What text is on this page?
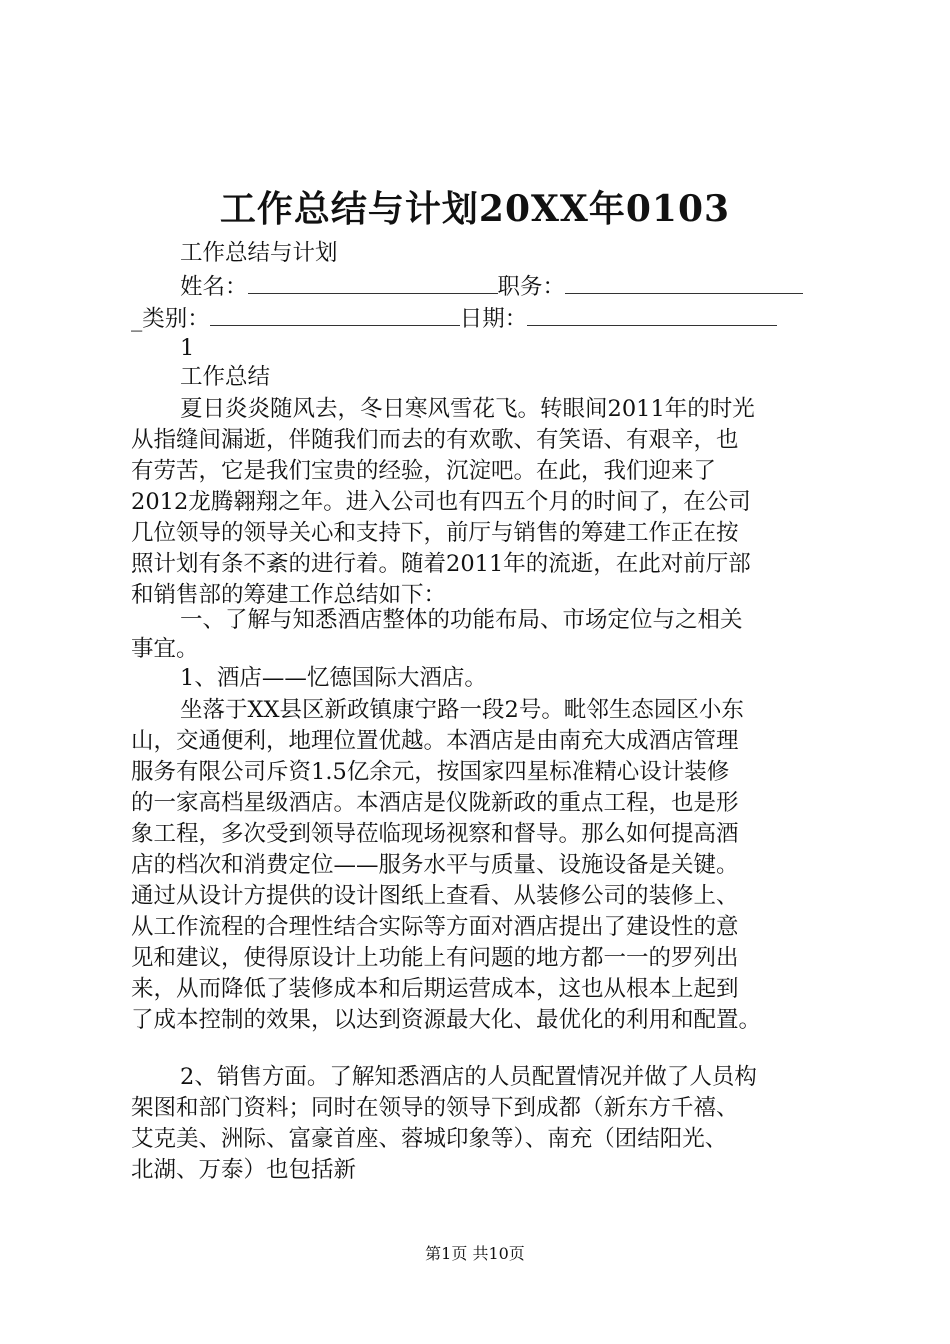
工作总结与计划20XX年0103
工作总结与计划
姓名：	职务：
_类别：	日期：
1
工作总结
夏日炎炎随风去，冬日寒风雪花飞。转眼间2011年的时光
从指缝间漏逝，伴随我们而去的有欢歌、有笑语、有艰辛，也
有劳苦，它是我们宝贵的经验，沉淀吧。在此，我们迎来了
2012龙腾翱翔之年。进入公司也有四五个月的时间了，在公司
几位领导的领导关心和支持下，前厅与销售的筹建工作正在按
照计划有条不紊的进行着。随着2011年的流逝，在此对前厅部
和销售部的筹建工作总结如下：
一、了解与知悉酒店整体的功能布局、市场定位与之相关
事宜。
1、酒店——忆德国际大酒店。
坐落于XX县区新政镇康宁路一段2号。毗邻生态园区小东
山，交通便利，地理位置优越。本酒店是由南充大成酒店管理
服务有限公司斥资1.5亿余元，按国家四星标准精心设计装修
的一家高档星级酒店。本酒店是仪陇新政的重点工程，也是形
象工程，多次受到领导莅临现场视察和督导。那么如何提高酒
店的档次和消费定位——服务水平与质量、设施设备是关键。
通过从设计方提供的设计图纸上查看、从装修公司的装修上、
从工作流程的合理性结合实际等方面对酒店提出了建设性的意
见和建议，使得原设计上功能上有问题的地方都一一的罗列出
来，从而降低了装修成本和后期运营成本，这也从根本上起到
了成本控制的效果，以达到资源最大化、最优化的利用和配置。
2、销售方面。了解知悉酒店的人员配置情况并做了人员构
架图和部门资料；同时在领导的领导下到成都（新东方千禧、
艾克美、洲际、富豪首座、蓉城印象等）、南充（团结阳光、
北湖、万泰）也包括新
第1页 共10页
